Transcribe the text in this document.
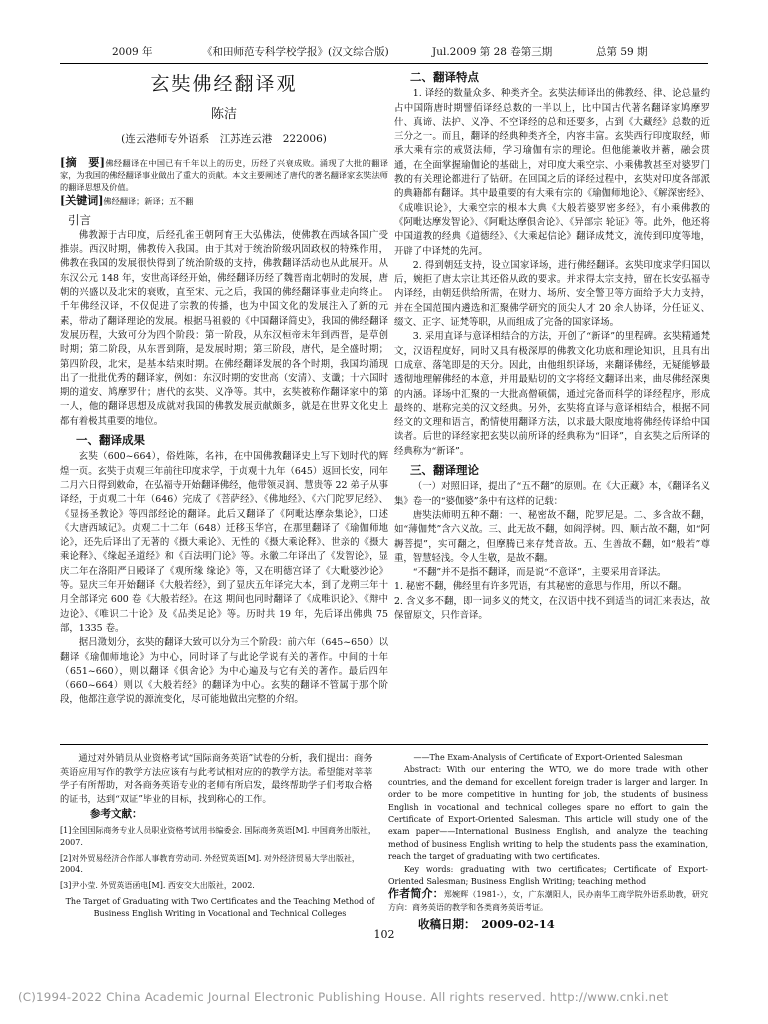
2009 年	《和田师范专科学校学报》(汉文综合版)	Jul.2009 第 28 卷第三期	总第 59 期
玄奘佛经翻译观
陈洁
(连云港师专外语系　江苏连云港　222006)

[摘　要]佛经翻译在中国已有千年以上的历史，历经了兴衰成败。涌现了大批的翻译家，为我国的佛经翻译事业做出了重大的贡献。本文主要阐述了唐代的著名翻译家玄奘法师的翻译思想及价值。

[关键词]佛经翻译；新译；五不翻
引言

佛教源于古印度，后经孔雀王朝阿育王大弘佛法，使佛教在西域各国广受推崇。西汉时期，佛教传入我国。由于其对于统治阶级巩固政权的特殊作用，佛教在我国的发展很快得到了统治阶级的支持，佛教翻译活动也从此展开。从东汉公元 148 年，安世高译经开始，佛经翻译历经了魏晋南北朝时的发展，唐朝的兴盛以及北宋的衰败，直至宋、元之后，我国的佛经翻译事业走向终止。千年佛经汉译，不仅促进了宗教的传播，也为中国文化的发展注入了新的元素，带动了翻译理论的发展。根据马祖毅的《中国翻译简史》，我国的佛经翻译发展历程，大致可分为四个阶段：第一阶段，从东汉桓帝末年到西晋，是草创时期；第二阶段，从东晋到隋，是发展时期；第三阶段，唐代，是全盛时期；第四阶段，北宋，是基本结束时期。在佛经翻译发展的各个时期，我国均涌现出了一批批优秀的翻译家，例如：东汉时期的安世高（安清）、支谶；十六国时期的道安、鸠摩罗什；唐代的玄奘、义净等。其中，玄奘被称作翻译家中的第一人，他的翻译思想及成就对我国的佛教发展贡献颇多，就是在世界文化史上都有着极其重要的地位。

一、翻译成果

玄奘（600~664），俗姓陈，名祎，在中国佛教翻译史上写下划时代的辉煌一页。玄奘于贞观三年前往印度求学，于贞观十九年（645）返回长安，同年二月六日得到敕命，在弘福寺开始翻译佛经，他带领灵润、慧贵等 22 弟子从事译经，于贞观二十年（646）完成了《菩萨经》、《佛地经》、《六门陀罗尼经》、《显扬圣教论》等四部经论的翻译。此后又翻译了《阿毗达摩杂集论》，口述《大唐西域记》。贞观二十二年（648）迁移玉华宫，在那里翻译了《瑜伽师地论》，还先后译出了无著的《摄大乘论》、无性的《摄大乘论释》、世亲的《摄大乘论释》、《缘起圣道经》和《百法明门论》等。永徽二年译出了《发智论》，显庆二年在洛阳严日殿译了《观所缘 缘论》等，又在明德宫译了《大毗婆沙论》等。显庆三年开始翻译《大般若经》，到了显庆五年译完大本，到了龙朔三年十月全部译完 600 卷《大般若经》。在这 期间也同时翻译了《成唯识论》、《辩中边论》、《唯识二十论》及《品类足论》等。历时共 19 年，先后译出佛典 75 部，1335 卷。

据吕澂划分，玄奘的翻译大致可以分为三个阶段：前六年（645~650）以翻译《瑜伽师地论》为中心，同时译了与此论学说有关的著作。中间的十年（651~660），则以翻译《俱舍论》为中心遍及与它有关的著作。最后四年（660~664）则以《大般若经》的翻译为中心。玄奘的翻译不管属于那个阶段，他都注意学说的源流变化，尽可能地做出完整的介绍。

二、翻译特点

1. 译经的数量众多、种类齐全。玄奘法师译出的佛教经、律、论总量约占中国隋唐时期譬佰译经总数的一半以上，比中国古代著名翻译家鸠摩罗什、真谛、法护、义净、不空译经的总和还要多，占到《大藏经》总数的近三分之一。而且，翻译的经典种类齐全，内容丰富。玄奘西行印度取经，师承大乘有宗的戒贤法师，学习瑜伽有宗的理论。但他能兼收并蓄，融会贯通，在全面掌握瑜伽论的基础上，对印度大乘空宗、小乘佛教甚至对婆罗门教的有关理论都进行了钻研。在回国之后的译经过程中，玄奘对印度各部派的典籍都有翻译。其中最重要的有大乘有宗的《瑜伽师地论》、《解深密经》、《成唯识论》，大乘空宗的根本大典《大般若婆罗密多经》，有小乘佛教的《阿毗达摩发智论》、《阿毗达摩俱舍论》、《异部宗 轮证》等。此外，他还将中国道教的经典《道德经》、《大乘起信论》翻译成梵文，流传到印度等地，开辟了中译梵的先河。

2. 得到朝廷支持，设立国家译场，进行佛经翻译。玄奘印度求学归国以后，婉拒了唐太宗让其还俗从政的要求。并求得太宗支持，留在长安弘福寺内译经，由朝廷供给所需，在财力、场所、安全警卫等方面给予大力支持，并在全国范围内遴选和汇聚佛学研究的顶尖人才 20 余人协译，分任证义、缀文、正字、证梵等职，从而组成了完备的国家译场。

3. 采用直译与意译相结合的方法，开创了“新译”的里程碑。玄奘精通梵文，汉语程度好，同时又具有极深厚的佛教文化功底和理论知识，且具有出口成章、落笔即是的天分。因此，由他组织译场，来翻译佛经，无疑能够最透彻地理解佛经的本意，并用最贴切的文字将经文翻译出来，曲尽佛经深奥的内涵。译场中汇聚的一大批高僧硕儒，通过完备而科学的译经程序，形成最终的、堪称完美的汉文经典。另外，玄奘将直译与意译相结合，根据不同经文的文理和语言，酌情使用翻译方法，以求最大限度地将佛经传译给中国读者。后世的译经家把玄奘以前所译的经典称为“旧译”，自玄奘之后所译的经典称为“新译”。

三、翻译理论

（一）对照旧译，提出了“五不翻”的原则。在《大正藏》本，《翻译名义集》卷一的“婆伽婆”条中有这样的记载：

唐奘法师明五种不翻：一、秘密故不翻，陀罗尼是。二、多含故不翻，如“薄伽梵”含六义故。三、此无故不翻，如阎浮树。四、顺古故不翻，如“阿耨菩提”，实可翻之，但摩腾已来存梵音故。五、生善故不翻，如“般若”尊重，智慧轻浅。令人生敬，是故不翻。

“不翻”并不是指不翻译，而是说“不意译”，主要采用音译法。

1. 秘密不翻，佛经里有许多咒语，有其秘密的意思与作用，所以不翻。

2. 含义多不翻，即一词多义的梵文，在汉语中找不到适当的词汇来表达，故保留原文，只作音译。

通过对外销员从业资格考试“国际商务英语”试卷的分析，我们提出：商务英语应用写作的教学方法应该有与此考试相对应的的教学方法。希望能对莘莘学子有所帮助，对各商务英语专业的老师有所启发，最终帮助学子们考取合格的证书，达到“双证”毕业的目标，找到称心的工作。

参考文献：

[1]全国国际商务专业人员职业资格考试用书编委会. 国际商务英语[M]. 中国商务出版社，2007.

[2]对外贸易经济合作部人事教育劳动司. 外经贸英语[M]. 对外经济贸易大学出版社，2004.

[3]尹小莹. 外贸英语函电[M]. 西安交大出版社，2002.

The Target of Graduating with Two Certificates and the Teaching Method of Business English Writing in Vocational and Technical Colleges

——The Exam-Analysis of Certificate of Export-Oriented Salesman

Abstract: With our entering the WTO, we do more trade with other countries, and the demand for excellent foreign trader is larger and larger. In order to be more competitive in hunting for job, the students of business English in vocational and technical colleges spare no effort to gain the Certificate of Export-Oriented Salesman. This article will study one of the exam paper——International Business English, and analyze the teaching method of business English writing to help the students pass the examination, reach the target of graduating with two certificates.

Key words: graduating with two certificates; Certificate of Export-Oriented Salesman; Business English Writing; teaching method

作者简介：郑婉辉（1981-），女，广东潮阳人，民办南华工商学院外语系助教，研究方向：商务英语的教学和各类商务英语考证。

收稿日期：　2009-02-14

102
(C)1994-2022 China Academic Journal Electronic Publishing House. All rights reserved. http://www.cnki.net
